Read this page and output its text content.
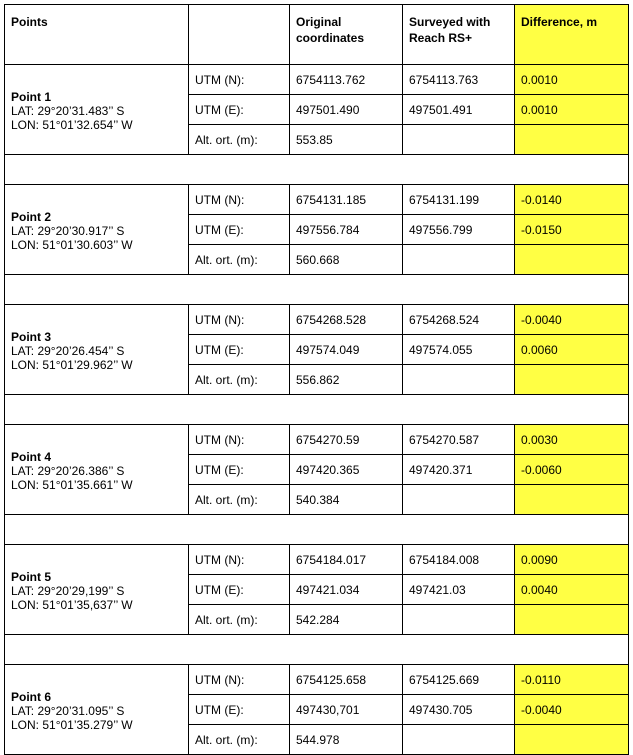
Points		Original coordinates	Surveyed with Reach RS+	Difference, m

Point 1
LAT: 29°20’31.483’’ S
LON: 51°01’32.654’’ W	UTM (N):	6754113.762	6754113.763	0.0010
	UTM (E):	497501.490	497501.491	0.0010
	Alt. ort. (m):	553.85		

Point 2
LAT: 29°20’30.917’’ S
LON: 51°01’30.603’’ W	UTM (N):	6754131.185	6754131.199	-0.0140
	UTM (E):	497556.784	497556.799	-0.0150
	Alt. ort. (m):	560.668		

Point 3
LAT: 29°20’26.454’’ S
LON: 51°01’29.962’’ W	UTM (N):	6754268.528	6754268.524	-0.0040
	UTM (E):	497574.049	497574.055	0.0060
	Alt. ort. (m):	556.862		

Point 4
LAT: 29°20’26.386’’ S
LON: 51°01’35.661’’ W	UTM (N):	6754270.59	6754270.587	0.0030
	UTM (E):	497420.365	497420.371	-0.0060
	Alt. ort. (m):	540.384		

Point 5
LAT: 29°20’29,199’’ S
LON: 51°01’35,637’’ W	UTM (N):	6754184.017	6754184.008	0.0090
	UTM (E):	497421.034	497421.03	0.0040
	Alt. ort. (m):	542.284		

Point 6
LAT: 29°20’31.095’’ S
LON: 51°01’35.279’’ W	UTM (N):	6754125.658	6754125.669	-0.0110
	UTM (E):	497430,701	497430.705	-0.0040
	Alt. ort. (m):	544.978		
